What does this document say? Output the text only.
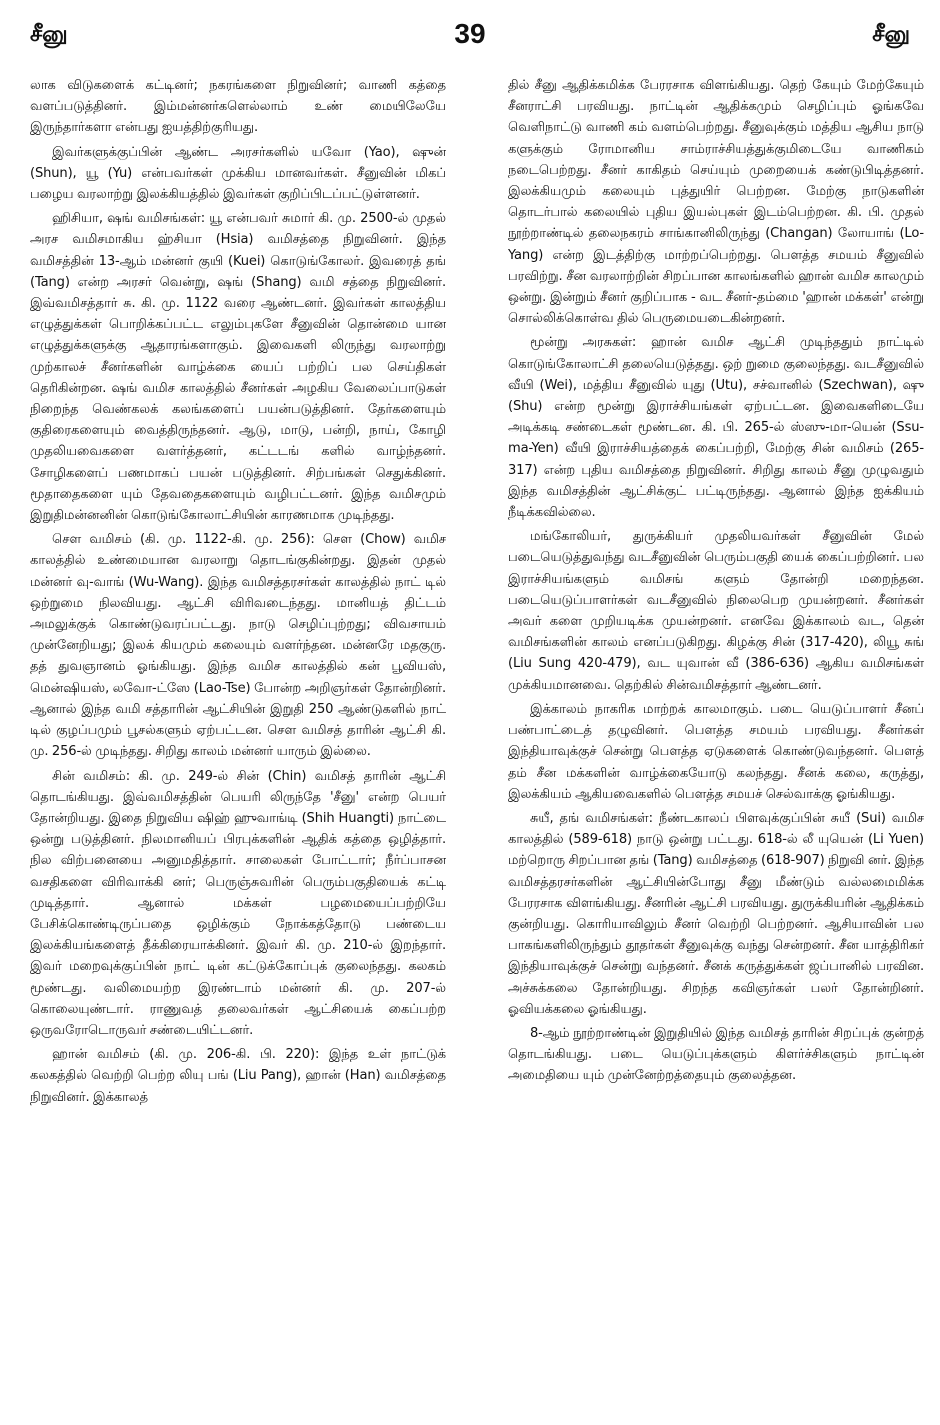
சீனு	39	சீனு

லாக விடுகளைக் கட்டினர்; நகரங்களை நிறுவினர்; வாணி கத்தை வளப்படுத்தினர். இம்மன்னர்களெல்லாம் உண் மையிலேயே இருந்தார்களா என்பது ஐயத்திற்குரியது.

இவர்களுக்குப்பின் ஆண்ட அரசர்களில் யவோ (Yao), ஷுன் (Shun), யூ (Yu) என்பவர்கள் முக்கிய மானவர்கள். சீனுவின் மிகப் பழைய வரலாற்று இலக்கியத்தில் இவர்கள் குறிப்பிடப்பட்டுள்ளனர்.

ஹிசியா, ஷங் வமிசங்கள்: யூ என்பவர் சுமார் கி. மு. 2500-ல் முதல் அரச வமிசமாகிய ஹ்சியா (Hsia) வமிசத்தை நிறுவினர். இந்த வமிசத்தின் 13-ஆம் மன்னர் குயி (Kuei) கொடுங்கோலர். இவரைத் தங் (Tang) என்ற அரசர் வென்று, ஷங் (Shang) வமி சத்தை நிறுவினர். இவ்வமிசத்தார் சு. கி. மு. 1122 வரை ஆண்டனர். இவர்கள் காலத்திய எழுத்துக்கள் பொறிக்கப்பட்ட எலும்புகளே சீனுவின் தொன்மை யான எழுத்துக்களுக்கு ஆதாரங்களாகும். இவைகளி லிருந்து வரலாற்று முற்காலச் சீனர்களின் வாழ்க்கை யைப் பற்றிப் பல செய்திகள் தெரிகின்றன. ஷங் வமிச காலத்தில் சீனர்கள் அழகிய வேலைப்பாடுகள் நிறைந்த வெண்கலக் கலங்களைப் பயன்படுத்தினர். தேர்களையும் குதிரைகளையும் வைத்திருந்தனர். ஆடு, மாடு, பன்றி, நாய், கோழி முதலியவைகளை வளர்த்தனர், கட்டடங் களில் வாழ்ந்தனர். சோழிகளைப் பணமாகப் பயன் படுத்தினர். சிற்பங்கள் செதுக்கினர். மூதாதைகளை யும் தேவதைகளையும் வழிபட்டனர். இந்த வமிசமும் இறுதிமன்னனின் கொடுங்கோலாட்சியின் காரணமாக முடிந்தது.

சௌ வமிசம் (கி. மு. 1122-கி. மு. 256): சௌ (Chow) வமிச காலத்தில் உண்மையான வரலாறு தொடங்குகின்றது. இதன் முதல் மன்னர் வு-வாங் (Wu-Wang). இந்த வமிசத்தரசர்கள் காலத்தில் நாட் டில் ஒற்றுமை நிலவியது. ஆட்சி விரிவடைந்தது. மானியத் திட்டம் அமலுக்குக் கொண்டுவரப்பட்டது. நாடு செழிப்புற்றது; விவசாயம் முன்னேறியது; இலக் கியமும் கலையும் வளர்ந்தன. மன்னரே மதகுரு. தத் துவஞானம் ஓங்கியது. இந்த வமிச காலத்தில் கன் பூவியஸ், மென்ஷியஸ், லவோ-ட்ஸே (Lao-Tse) போன்ற அறிஞர்கள் தோன்றினர். ஆனால் இந்த வமி சத்தாரின் ஆட்சியின் இறுதி 250 ஆண்டுகளில் நாட் டில் குழப்பமும் பூசல்களும் ஏற்பட்டன. சௌ வமிசத் தாரின் ஆட்சி கி. மு. 256-ல் முடிந்தது. சிறிது காலம் மன்னர் யாரும் இல்லை.

சின் வமிசம்: கி. மு. 249-ல் சின் (Chin) வமிசத் தாரின் ஆட்சி தொடங்கியது. இவ்வமிசத்தின் பெயரி லிருந்தே 'சீனு' என்ற பெயர் தோன்றியது. இதை நிறுவிய ஷிஹ் ஹுவாங்டி (Shih Huangti) நாட்டை ஒன்று படுத்தினர். நிலமானியப் பிரபுக்களின் ஆதிக் கத்தை ஒழித்தார். நில விற்பனையை அனுமதித்தார். சாலைகள் போட்டார்; நீர்ப்பாசன வசதிகளை விரிவாக்கி னர்; பெருஞ்சுவரின் பெரும்பகுதியைக் கட்டி முடித்தார். ஆனால் மக்கள் பழமையைப்பற்றியே பேசிக்கொண்டிருப்பதை ஒழிக்கும் நோக்கத்தோடு பண்டைய இலக்கியங்களைத் தீக்கிரையாக்கினர். இவர் கி. மு. 210-ல் இறந்தார். இவர் மறைவுக்குப்பின் நாட் டின் கட்டுக்கோப்புக் குலைந்தது. கலகம் மூண்டது. வலிமையற்ற இரண்டாம் மன்னர் கி. மு. 207-ல் கொலையுண்டார். ராணுவத் தலைவர்கள் ஆட்சியைக் கைப்பற்ற ஒருவரோடொருவர் சண்டையிட்டனர்.

ஹான் வமிசம் (கி. மு. 206-கி. பி. 220): இந்த உள் நாட்டுக் கலகத்தில் வெற்றி பெற்ற லியு பங் (Liu Pang), ஹான் (Han) வமிசத்தை நிறுவினர். இக்காலத்

தில் சீனு ஆதிக்கமிக்க பேரரசாக விளங்கியது. தெற் கேயும் மேற்கேயும் சீனராட்சி பரவியது. நாட்டின் ஆதிக்கமும் செழிப்பும் ஓங்கவே வெளிநாட்டு வாணி கம் வளம்பெற்றது. சீனுவுக்கும் மத்திய ஆசிய நாடு களுக்கும் ரோமானிய சாம்ராச்சியத்துக்குமிடையே வாணிகம் நடைபெற்றது. சீனர் காகிதம் செய்யும் முறையைக் கண்டுபிடித்தனர். இலக்கியமும் கலையும் புத்துயிர் பெற்றன. மேற்கு நாடுகளின் தொடர்பால் கலையில் புதிய இயல்புகள் இடம்பெற்றன. கி. பி. முதல் நூற்றாண்டில் தலைநகரம் சாங்கானிலிருந்து (Changan) லோயாங் (Lo-Yang) என்ற இடத்திற்கு மாற்றப்பெற்றது. பௌத்த சமயம் சீனுவில் பரவிற்று. சீன வரலாற்றின் சிறப்பான காலங்களில் ஹான் வமிச காலமும் ஒன்று. இன்றும் சீனர் குறிப்பாக - வட சீனர்-தம்மை 'ஹான் மக்கள்' என்று சொல்லிக்கொள்வ தில் பெருமையடைகின்றனர்.

மூன்று அரசுகள்: ஹான் வமிச ஆட்சி முடிந்ததும் நாட்டில் கொடுங்கோலாட்சி தலையெடுத்தது. ஒற் றுமை குலைந்தது. வடசீனுவில் வீயி (Wei), மத்திய சீனுவில் யுது (Utu), சச்வானில் (Szechwan), ஷு (Shu) என்ற மூன்று இராச்சியங்கள் ஏற்பட்டன. இவைகளிடையே அடிக்கடி சண்டைகள் மூண்டன. கி. பி. 265-ல் ஸ்ஸு-மா-யென் (Ssu-ma-Yen) வீயி இராச்சியத்தைக் கைப்பற்றி, மேற்கு சின் வமிசம் (265-317) என்ற புதிய வமிசத்தை நிறுவினர். சிறிது காலம் சீனு முழுவதும் இந்த வமிசத்தின் ஆட்சிக்குட் பட்டிருந்தது. ஆனால் இந்த ஐக்கியம் நீடிக்கவில்லை.

மங்கோலியர், துருக்கியர் முதலியவர்கள் சீனுவின் மேல் படையெடுத்துவந்து வடசீனுவின் பெரும்பகுதி யைக் கைப்பற்றினர். பல இராச்சியங்களும் வமிசங் களும் தோன்றி மறைந்தன. படையெடுப்பாளர்கள் வடசீனுவில் நிலைபெற முயன்றனர். சீனர்கள் அவர் களை முறியடிக்க முயன்றனர். எனவே இக்காலம் வட, தென் வமிசங்களின் காலம் எனப்படுகிறது. கிழக்கு சின் (317-420), லியூ சுங் (Liu Sung 420-479), வட யுவான் வீ (386-636) ஆகிய வமிசங்கள் முக்கியமானவை. தெற்கில் சின்வமிசத்தார் ஆண்டனர்.

இக்காலம் நாகரிக மாற்றக் காலமாகும். படை யெடுப்பாளர் சீனப் பண்பாட்டைத் தழுவினர். பௌத்த சமயம் பரவியது. சீனர்கள் இந்தியாவுக்குச் சென்று பௌத்த ஏடுகளைக் கொண்டுவந்தனர். பௌத் தம் சீன மக்களின் வாழ்க்கையோடு கலந்தது. சீனக் கலை, கருத்து, இலக்கியம் ஆகியவைகளில் பௌத்த சமயச் செல்வாக்கு ஓங்கியது.

சுயீ, தங் வமிசங்கள்: நீண்டகாலப் பிளவுக்குப்பின் சுயீ (Sui) வமிச காலத்தில் (589-618) நாடு ஒன்று பட்டது. 618-ல் லீ யுயென் (Li Yuen) மற்றொரு சிறப்பான தங் (Tang) வமிசத்தை (618-907) நிறுவி னர். இந்த வமிசத்தரசர்களின் ஆட்சியின்போது சீனு மீண்டும் வல்லமைமிக்க பேரரசாக விளங்கியது. சீனரின் ஆட்சி பரவியது. துருக்கியரின் ஆதிக்கம் குன்றியது. கொரியாவிலும் சீனர் வெற்றி பெற்றனர். ஆசியாவின் பல பாகங்களிலிருந்தும் தூதர்கள் சீனுவுக்கு வந்து சென்றனர். சீன யாத்திரிகர் இந்தியாவுக்குச் சென்று வந்தனர். சீனக் கருத்துக்கள் ஜப்பானில் பரவின. அச்சுக்கலை தோன்றியது. சிறந்த கவிஞர்கள் பலர் தோன்றினர். ஓவியக்கலை ஓங்கியது.

8-ஆம் நூற்றாண்டின் இறுதியில் இந்த வமிசத் தாரின் சிறப்புக் குன்றத் தொடங்கியது. படை யெடுப்புக்களும் கிளர்ச்சிகளும் நாட்டின் அமைதியை யும் முன்னேற்றத்தையும் குலைத்தன.
